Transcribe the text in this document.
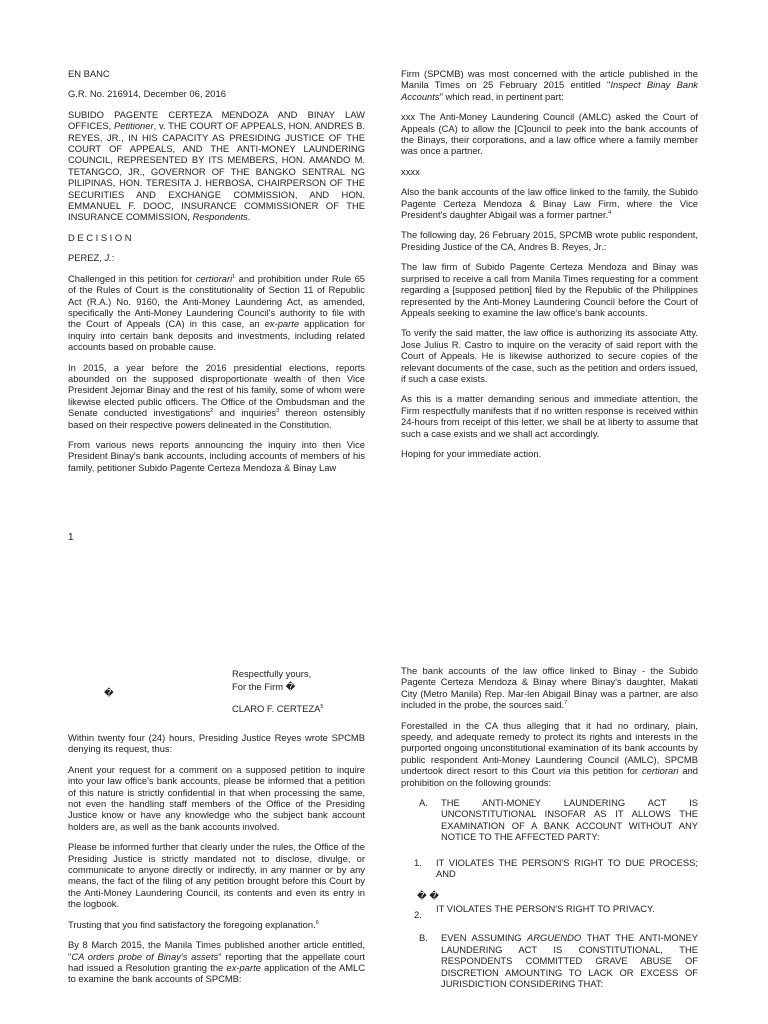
EN BANC

G.R. No. 216914, December 06, 2016

SUBIDO PAGENTE CERTEZA MENDOZA AND BINAY LAW OFFICES, Petitioner, v. THE COURT OF APPEALS, HON. ANDRES B. REYES, JR., IN HIS CAPACITY AS PRESIDING JUSTICE OF THE COURT OF APPEALS, AND THE ANTI-MONEY LAUNDERING COUNCIL, REPRESENTED BY ITS MEMBERS, HON. AMANDO M. TETANGCO, JR., GOVERNOR OF THE BANGKO SENTRAL NG PILIPINAS, HON. TERESITA J. HERBOSA, CHAIRPERSON OF THE SECURITIES AND EXCHANGE COMMISSION, AND HON. EMMANUEL F. DOOC, INSURANCE COMMISSIONER OF THE INSURANCE COMMISSION, Respondents.

D E C I S I O N

PEREZ, J.:

Challenged in this petition for certiorari$^1$ and prohibition under Rule 65 of the Rules of Court is the constitutionality of Section 11 of Republic Act (R.A.) No. 9160, the Anti-Money Laundering Act, as amended, specifically the Anti-Money Laundering Council's authority to file with the Court of Appeals (CA) in this case, an ex-parte application for inquiry into certain bank deposits and investments, including related accounts based on probable cause.

In 2015, a year before the 2016 presidential elections, reports abounded on the supposed disproportionate wealth of then Vice President Jejomar Binay and the rest of his family, some of whom were likewise elected public officers. The Office of the Ombudsman and the Senate conducted investigations$^2$ and inquiries$^3$ thereon ostensibly based on their respective powers delineated in the Constitution.

From various news reports announcing the inquiry into then Vice President Binay's bank accounts, including accounts of members of his family, petitioner Subido Pagente Certeza Mendoza & Binay Law

Firm (SPCMB) was most concerned with the article published in the Manila Times on 25 February 2015 entitled "Inspect Binay Bank Accounts" which read, in pertinent part:

xxx The Anti-Money Laundering Council (AMLC) asked the Court of Appeals (CA) to allow the [C]ouncil to peek into the bank accounts of the Binays, their corporations, and a law office where a family member was once a partner.

xxxx

Also the bank accounts of the law office linked to the family, the Subido Pagente Certeza Mendoza & Binay Law Firm, where the Vice President's daughter Abigail was a former partner.$^4$

The following day, 26 February 2015, SPCMB wrote public respondent, Presiding Justice of the CA, Andres B. Reyes, Jr.:

The law firm of Subido Pagente Certeza Mendoza and Binay was surprised to receive a call from Manila Times requesting for a comment regarding a [supposed petition] filed by the Republic of the Philippines represented by the Anti-Money Laundering Council before the Court of Appeals seeking to examine the law office's bank accounts.

To verify the said matter, the law office is authorizing its associate Atty. Jose Julius R. Castro to inquire on the veracity of said report with the Court of Appeals. He is likewise authorized to secure copies of the relevant documents of the case, such as the petition and orders issued, if such a case exists.

As this is a matter demanding serious and immediate attention, the Firm respectfully manifests that if no written response is received within 24-hours from receipt of this letter, we shall be at liberty to assume that such a case exists and we shall act accordingly.

Hoping for your immediate action.

1
Respectfully yours,
For the Firm �
�
CLARO F. CERTEZA$^5$

Within twenty four (24) hours, Presiding Justice Reyes wrote SPCMB denying its request, thus:

Anent your request for a comment on a supposed petition to inquire into your law office's bank accounts, please be informed that a petition of this nature is strictly confidential in that when processing the same, not even the handling staff members of the Office of the Presiding Justice know or have any knowledge who the subject bank account holders are, as well as the bank accounts involved.

Please be informed further that clearly under the rules, the Office of the Presiding Justice is strictly mandated not to disclose, divulge, or communicate to anyone directly or indirectly, in any manner or by any means, the fact of the filing of any petition brought before this Court by the Anti-Money Laundering Council, its contents and even its entry in the logbook.

Trusting that you find satisfactory the foregoing explanation.$^6$

By 8 March 2015, the Manila Times published another article entitled, "CA orders probe of Binay's assets" reporting that the appellate court had issued a Resolution granting the ex-parte application of the AMLC to examine the bank accounts of SPCMB:

The bank accounts of the law office linked to Binay - the Subido Pagente Certeza Mendoza & Binay where Binay's daughter, Makati City (Metro Manila) Rep. Mar-len Abigail Binay was a partner, are also included in the probe, the sources said.$^7$

Forestalled in the CA thus alleging that it had no ordinary, plain, speedy, and adequate remedy to protect its rights and interests in the purported ongoing unconstitutional examination of its bank accounts by public respondent Anti-Money Laundering Council (AMLC), SPCMB undertook direct resort to this Court via this petition for certiorari and prohibition on the following grounds:

A.	THE ANTI-MONEY LAUNDERING ACT IS UNCONSTITUTIONAL INSOFAR AS IT ALLOWS THE EXAMINATION OF A BANK ACCOUNT WITHOUT ANY NOTICE TO THE AFFECTED PARTY:
1.	IT VIOLATES THE PERSON'S RIGHT TO DUE PROCESS; AND
� �
2.
IT VIOLATES THE PERSON'S RIGHT TO PRIVACY.
B.	EVEN ASSUMING ARGUENDO THAT THE ANTI-MONEY LAUNDERING ACT IS CONSTITUTIONAL, THE RESPONDENTS COMMITTED GRAVE ABUSE OF DISCRETION AMOUNTING TO LACK OR EXCESS OF JURISDICTION CONSIDERING THAT:
